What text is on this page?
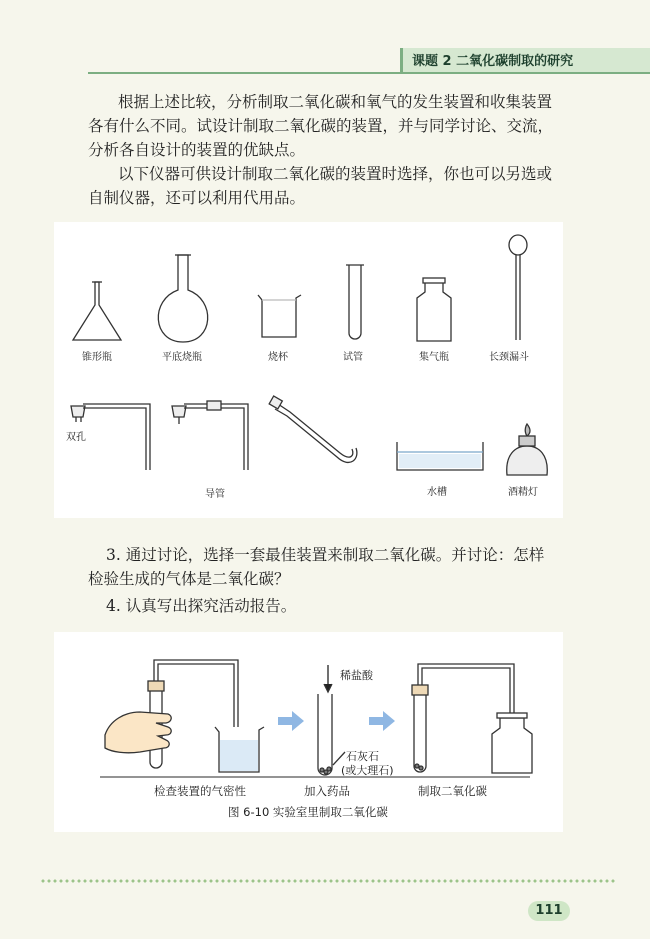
课题 2 二氧化碳制取的研究
根据上述比较，分析制取二氧化碳和氧气的发生装置和收集装置
各有什么不同。试设计制取二氧化碳的装置，并与同学讨论、交流，
分析各自设计的装置的优缺点。
以下仪器可供设计制取二氧化碳的装置时选择，你也可以另选或
自制仪器，还可以利用代用品。
锥形瓶	平底烧瓶	烧杯	试管	集气瓶	长颈漏斗
双孔
导管	水槽	酒精灯
3. 通过讨论，选择一套最佳装置来制取二氧化碳。并讨论：怎样
检验生成的气体是二氧化碳？
4. 认真写出探究活动报告。
稀盐酸
石灰石
(或大理石)
检查装置的气密性	加入药品	制取二氧化碳
图 6-10 实验室里制取二氧化碳
111
